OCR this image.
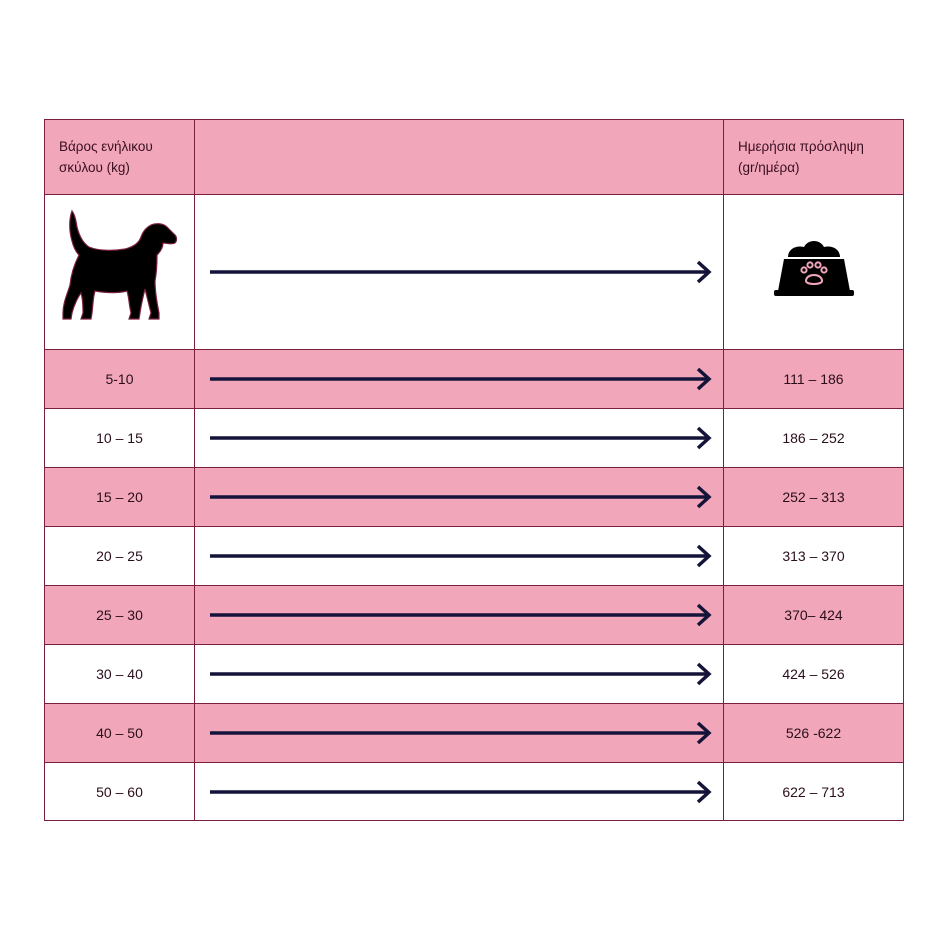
Βάρος ενήλικου
σκύλου (kg)
Ημερήσια πρόσληψη
(gr/ημέρα)
5-10	111 – 186
10 – 15	186 – 252
15 – 20	252 – 313
20 – 25	313 – 370
25 – 30	370– 424
30 – 40	424 – 526
40 – 50	526 -622
50 – 60	622 – 713
